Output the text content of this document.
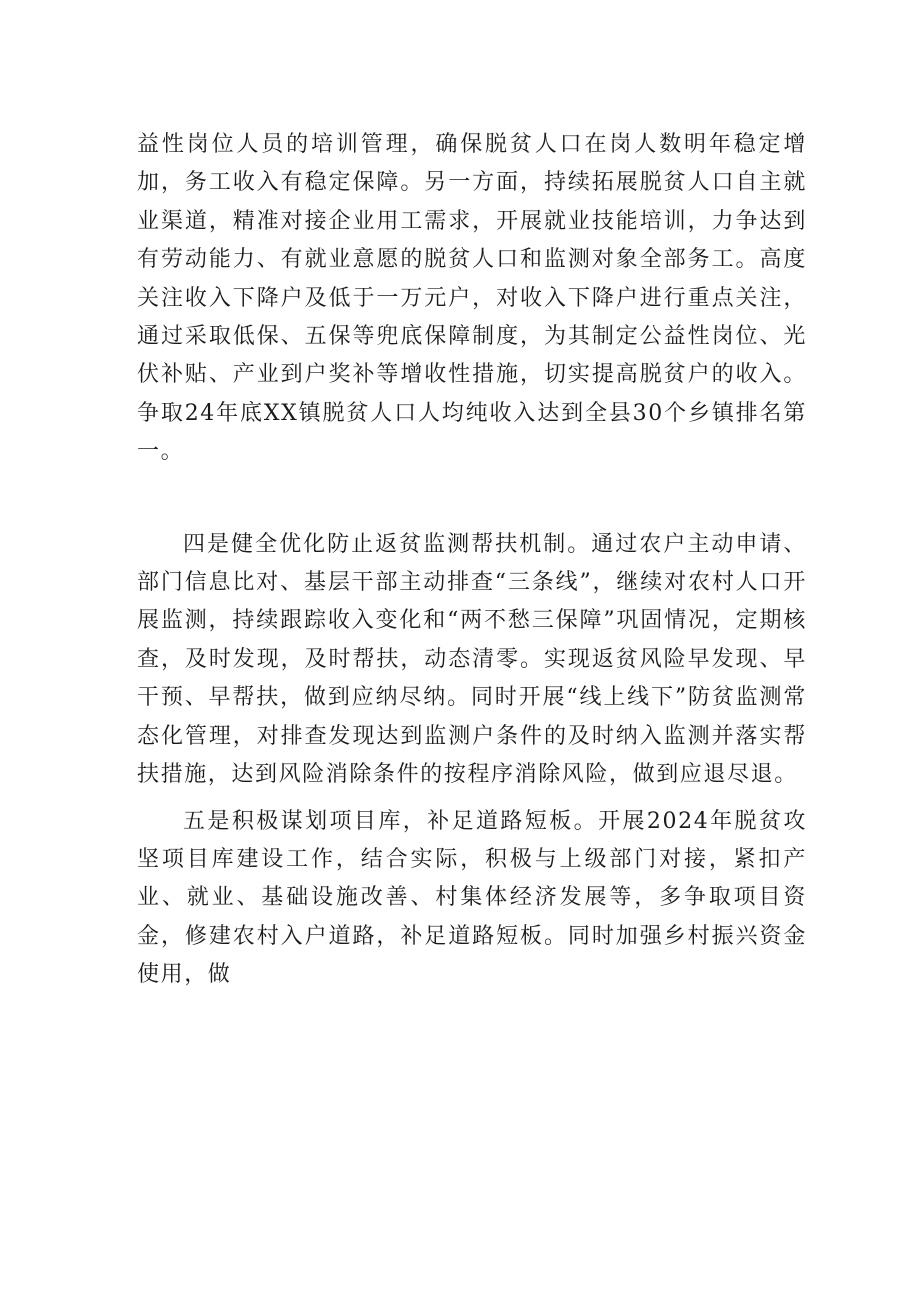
益性岗位人员的培训管理，确保脱贫人口在岗人数明年稳定增加，务工收入有稳定保障。另一方面，持续拓展脱贫人口自主就业渠道，精准对接企业用工需求，开展就业技能培训，力争达到有劳动能力、有就业意愿的脱贫人口和监测对象全部务工。高度关注收入下降户及低于一万元户，对收入下降户进行重点关注，通过采取低保、五保等兜底保障制度，为其制定公益性岗位、光伏补贴、产业到户奖补等增收性措施，切实提高脱贫户的收入。争取24年底XX镇脱贫人口人均纯收入达到全县30个乡镇排名第一。

四是健全优化防止返贫监测帮扶机制。通过农户主动申请、部门信息比对、基层干部主动排查“三条线”，继续对农村人口开展监测，持续跟踪收入变化和“两不愁三保障”巩固情况，定期核查，及时发现，及时帮扶，动态清零。实现返贫风险早发现、早干预、早帮扶，做到应纳尽纳。同时开展“线上线下”防贫监测常态化管理，对排查发现达到监测户条件的及时纳入监测并落实帮扶措施，达到风险消除条件的按程序消除风险，做到应退尽退。

五是积极谋划项目库，补足道路短板。开展2024年脱贫攻坚项目库建设工作，结合实际，积极与上级部门对接，紧扣产业、就业、基础设施改善、村集体经济发展等，多争取项目资金，修建农村入户道路，补足道路短板。同时加强乡村振兴资金使用，做
